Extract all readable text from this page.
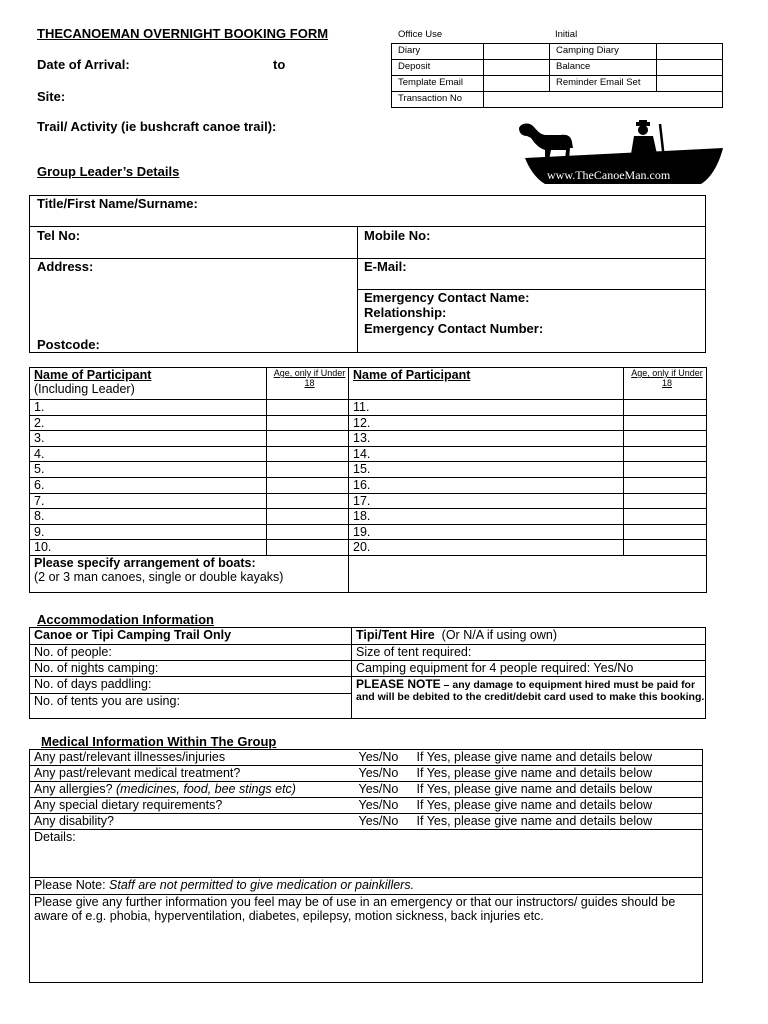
THECANOEMAN OVERNIGHT BOOKING FORM
Date of Arrival:	to
Site:
Trail/ Activity (ie bushcraft canoe trail):
Office Use	Initial
Diary		Camping Diary	
Deposit		Balance	
Template Email		Reminder Email Set	
Transaction No			
www.TheCanoeMan.com
Group Leader’s Details
Title/First Name/Surname:
Tel No:	Mobile No:
Address:	E-Mail:
Emergency Contact Name:
Relationship:
Emergency Contact Number:
Postcode:
Name of Participant
(Including Leader)	Age, only if Under 18	Name of Participant	Age, only if Under 18

1.		11.	
2.		12.	
3.		13.	
4.		14.	
5.		15.	
6.		16.	
7.		17.	
8.		18.	
9.		19.	
10.		20.	

Please specify arrangement of boats:
(2 or 3 man canoes, single or double kayaks)			

Accommodation Information
Canoe or Tipi Camping Trail Only	Tipi/Tent Hire (Or N/A if using own)
No. of people:	Size of tent required:
No. of nights camping:	Camping equipment for 4 people required: Yes/No
No. of days paddling:	PLEASE NOTE – any damage to equipment hired must be paid for and will be debited to the credit/debit card used to make this booking.
No. of tents you are using:	
Medical Information Within The Group
Any past/relevant illnesses/injuries	Yes/No	If Yes, please give name and details below
Any past/relevant medical treatment?	Yes/No	If Yes, please give name and details below
Any allergies? (medicines, food, bee stings etc)	Yes/No	If Yes, please give name and details below
Any special dietary requirements?	Yes/No	If Yes, please give name and details below
Any disability?	Yes/No	If Yes, please give name and details below
Details:		
Please Note: Staff are not permitted to give medication or painkillers.		
Please give any further information you feel may be of use in an emergency or that our instructors/ guides should be aware of e.g. phobia, hyperventilation, diabetes, epilepsy, motion sickness, back injuries etc.		
